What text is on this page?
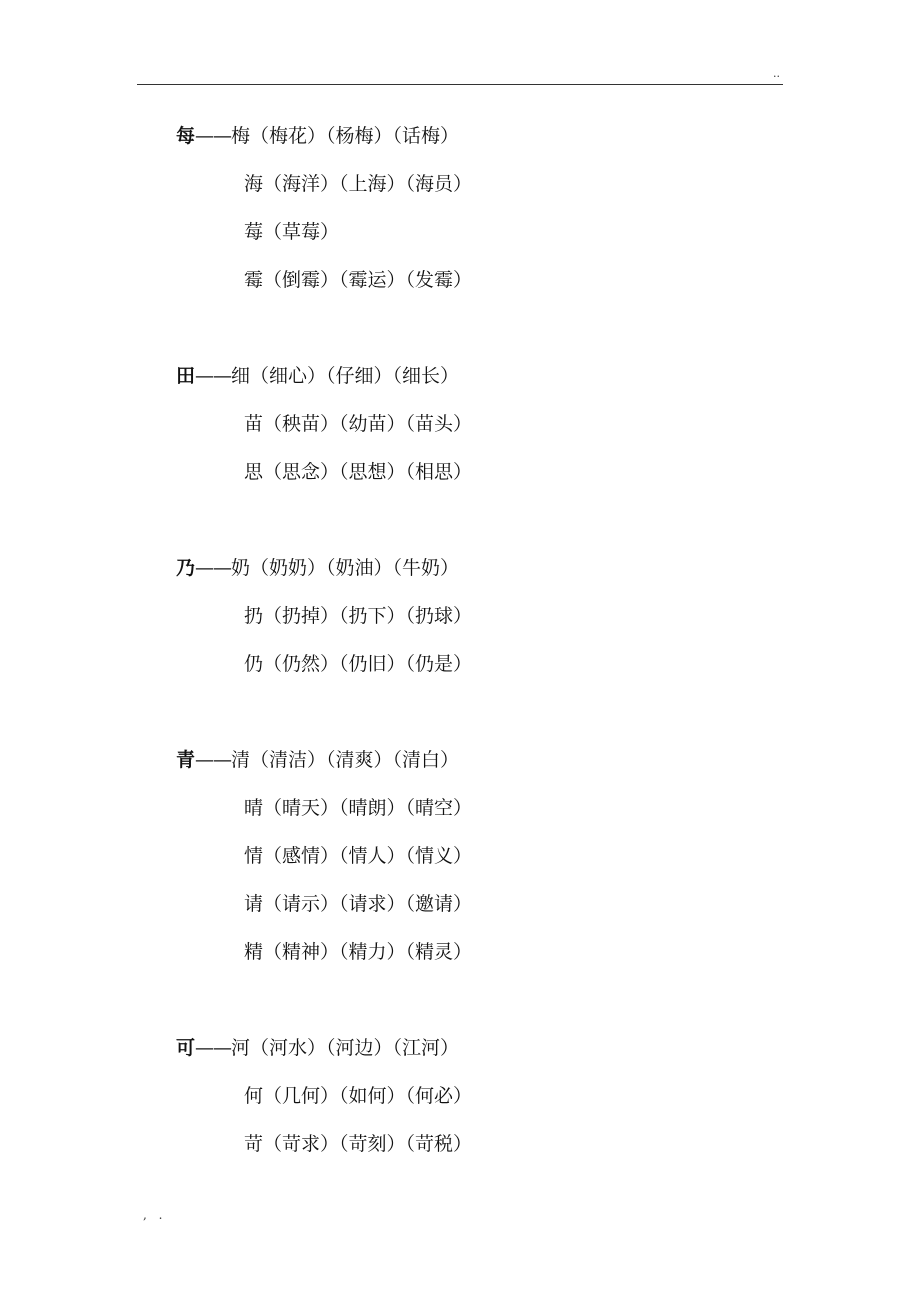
..
每——梅（梅花）（杨梅）（话梅）
海（海洋）（上海）（海员）
莓（草莓）
霉（倒霉）（霉运）（发霉）
田——细（细心）（仔细）（细长）
苗（秧苗）（幼苗）（苗头）
思（思念）（思想）（相思）
乃——奶（奶奶）（奶油）（牛奶）
扔（扔掉）（扔下）（扔球）
仍（仍然）（仍旧）（仍是）
青——清（清洁）（清爽）（清白）
晴（晴天）（晴朗）（晴空）
情（感情）（情人）（情义）
请（请示）（请求）（邀请）
精（精神）（精力）（精灵）
可——河（河水）（河边）（江河）
何（几何）（如何）（何必）
苛（苛求）（苛刻）（苛税）
, .
